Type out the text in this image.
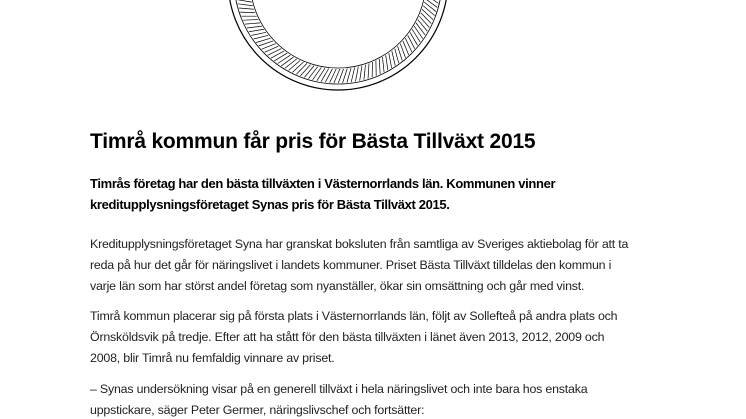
Timrå kommun får pris för Bästa Tillväxt 2015

Timrås företag har den bästa tillväxten i Västernorrlands län. Kommunen vinner
kreditupplysningsföretaget Synas pris för Bästa Tillväxt 2015.

Kreditupplysningsföretaget Syna har granskat boksluten från samtliga av Sveriges aktiebolag för att ta
reda på hur det går för näringslivet i landets kommuner. Priset Bästa Tillväxt tilldelas den kommun i
varje län som har störst andel företag som nyanställer, ökar sin omsättning och går med vinst.

Timrå kommun placerar sig på första plats i Västernorrlands län, följt av Sollefteå på andra plats och
Örnsköldsvik på tredje. Efter att ha stått för den bästa tillväxten i länet även 2013, 2012, 2009 och
2008, blir Timrå nu femfaldig vinnare av priset.

– Synas undersökning visar på en generell tillväxt i hela näringslivet och inte bara hos enstaka
uppstickare, säger Peter Germer, näringslivschef och fortsätter:
